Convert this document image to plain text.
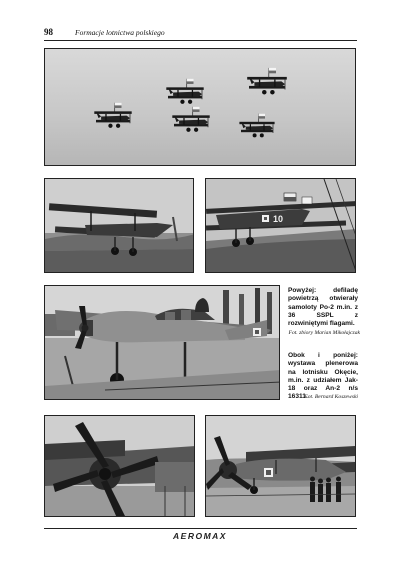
98	Formacje lotnictwa polskiego
10
Powyżej: defiladę powietrzą otwierały samoloty Po-2 m.in. z 36 SSPL z rozwiniętymi flagami.
Fot. zbiory Marian Mikołajczak
Obok i poniżej: wystawa plenerowa na lotnisku Okęcie, m.in. z udziałem Jak-18 oraz An-2 n/s 16311.
Fot. Bernard Koszewski
AEROMAX
